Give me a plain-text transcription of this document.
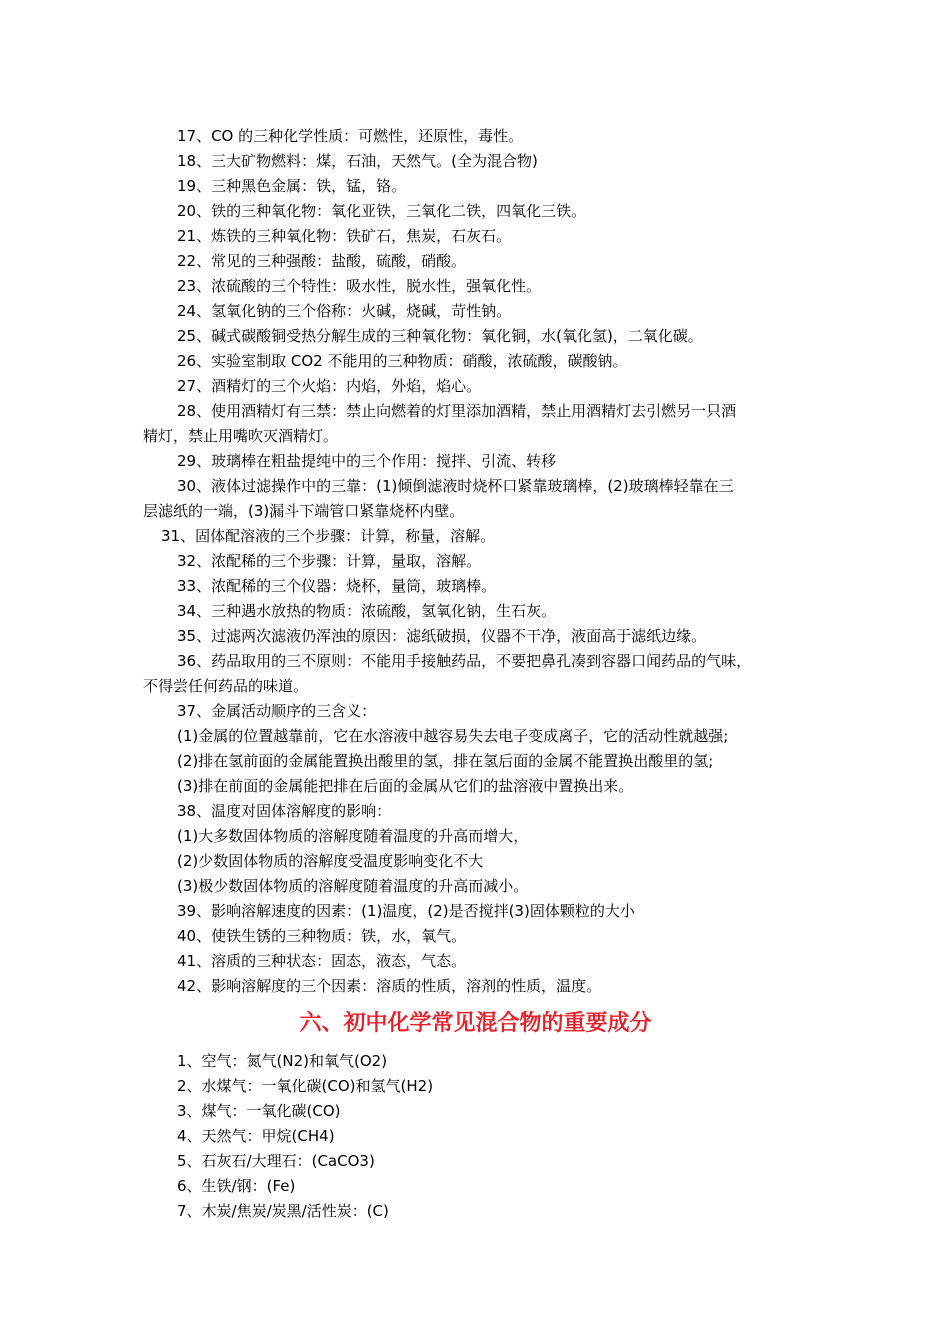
17、CO 的三种化学性质：可燃性，还原性，毒性。
18、三大矿物燃料：煤，石油，天然气。(全为混合物)
19、三种黑色金属：铁，锰，铬。
20、铁的三种氧化物：氧化亚铁，三氧化二铁，四氧化三铁。
21、炼铁的三种氧化物：铁矿石，焦炭，石灰石。
22、常见的三种强酸：盐酸，硫酸，硝酸。
23、浓硫酸的三个特性：吸水性，脱水性，强氧化性。
24、氢氧化钠的三个俗称：火碱，烧碱，苛性钠。
25、碱式碳酸铜受热分解生成的三种氧化物：氧化铜，水(氧化氢)，二氧化碳。
26、实验室制取 CO2 不能用的三种物质：硝酸，浓硫酸，碳酸钠。
27、酒精灯的三个火焰：内焰，外焰，焰心。
28、使用酒精灯有三禁：禁止向燃着的灯里添加酒精，禁止用酒精灯去引燃另一只酒
精灯，禁止用嘴吹灭酒精灯。
29、玻璃棒在粗盐提纯中的三个作用：搅拌、引流、转移
30、液体过滤操作中的三靠：(1)倾倒滤液时烧杯口紧靠玻璃棒，(2)玻璃棒轻靠在三
层滤纸的一端，(3)漏斗下端管口紧靠烧杯内壁。
31、固体配溶液的三个步骤：计算，称量，溶解。
32、浓配稀的三个步骤：计算，量取，溶解。
33、浓配稀的三个仪器：烧杯，量筒，玻璃棒。
34、三种遇水放热的物质：浓硫酸，氢氧化钠，生石灰。
35、过滤两次滤液仍浑浊的原因：滤纸破损，仪器不干净，液面高于滤纸边缘。
36、药品取用的三不原则：不能用手接触药品，不要把鼻孔凑到容器口闻药品的气味，
不得尝任何药品的味道。
37、金属活动顺序的三含义：
(1)金属的位置越靠前，它在水溶液中越容易失去电子变成离子，它的活动性就越强;
(2)排在氢前面的金属能置换出酸里的氢，排在氢后面的金属不能置换出酸里的氢;
(3)排在前面的金属能把排在后面的金属从它们的盐溶液中置换出来。
38、温度对固体溶解度的影响：
(1)大多数固体物质的溶解度随着温度的升高而增大，
(2)少数固体物质的溶解度受温度影响变化不大
(3)极少数固体物质的溶解度随着温度的升高而减小。
39、影响溶解速度的因素：(1)温度，(2)是否搅拌(3)固体颗粒的大小
40、使铁生锈的三种物质：铁，水，氧气。
41、溶质的三种状态：固态，液态，气态。
42、影响溶解度的三个因素：溶质的性质，溶剂的性质，温度。
六、初中化学常见混合物的重要成分
1、空气：氮气(N2)和氧气(O2)
2、水煤气：一氧化碳(CO)和氢气(H2)
3、煤气：一氧化碳(CO)
4、天然气：甲烷(CH4)
5、石灰石/大理石：(CaCO3)
6、生铁/钢：(Fe)
7、木炭/焦炭/炭黑/活性炭：(C)
